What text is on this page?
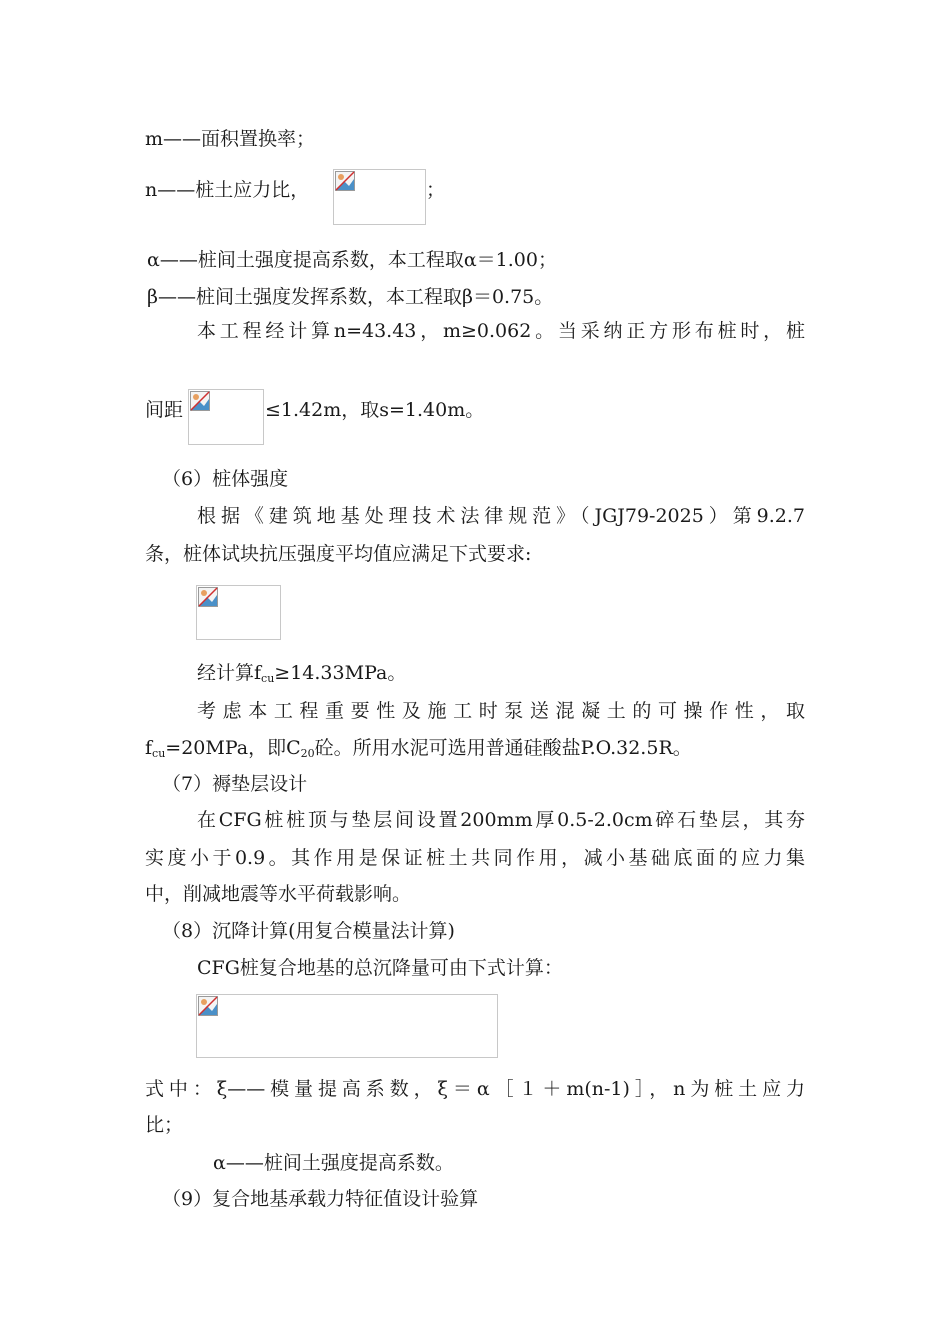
m——面积置换率；
n——桩土应力比，	；
α——桩间土强度提高系数，本工程取α＝1.00；
β——桩间土强度发挥系数，本工程取β＝0.75。
本工程经计算n=43.43，m≥0.062。当采纳正方形布桩时，桩
间距	≤1.42m，取s=1.40m。
（6）桩体强度
根据《建筑地基处理技术法律规范》（JGJ79-2025）第9.2.7
条，桩体试块抗压强度平均值应满足下式要求:
经计算$f_{cu}\ge 14.33MPa$。
考虑本工程重要性及施工时泵送混凝土的可操作性，取
$f_{cu}=20MPa$，即$C_{20}$砼。所用水泥可选用普通硅酸盐P.O.32.5R。
（7）褥垫层设计
在CFG桩桩顶与垫层间设置200mm厚0.5-2.0cm碎石垫层，其夯
实度小于0.9。其作用是保证桩土共同作用，减小基础底面的应力集
中，削减地震等水平荷载影响。
（8）沉降计算(用复合模量法计算)
CFG桩复合地基的总沉降量可由下式计算：
式中：ξ——模量提高系数，ξ＝α［１＋m(n-1)］，n为桩土应力
比；
α——桩间土强度提高系数。
（9）复合地基承载力特征值设计验算
